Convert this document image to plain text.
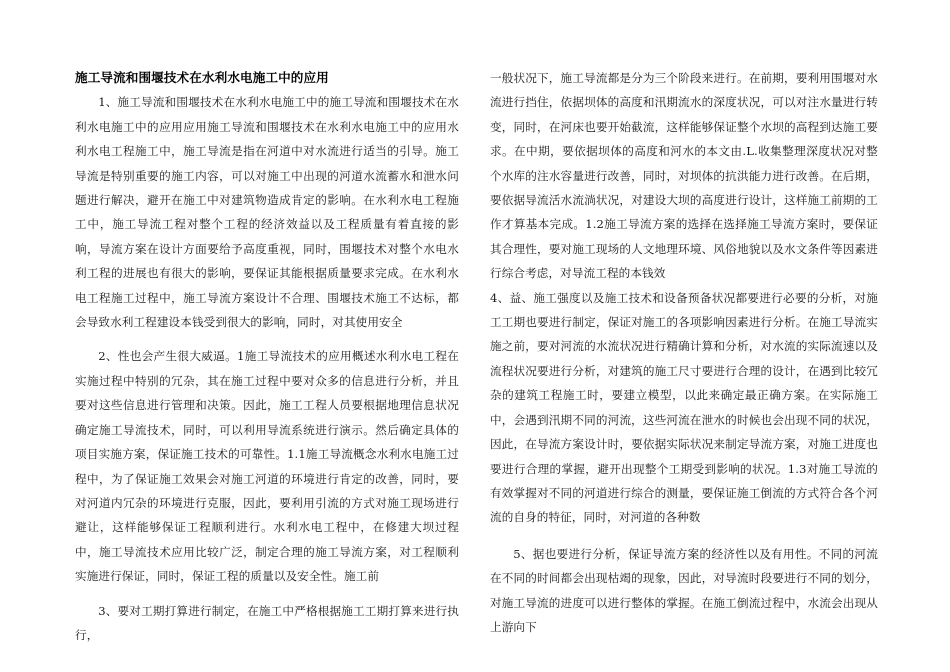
施工导流和围堰技术在水利水电施工中的应用

1、施工导流和围堰技术在水利水电施工中的施工导流和围堰技术在水利水电施工中的应用应用施工导流和围堰技术在水利水电施工中的应用水利水电工程施工中，施工导流是指在河道中对水流进行适当的引导。施工导流是特别重要的施工内容，可以对施工中出现的河道水流蓄水和泄水问题进行解决，避开在施工中对建筑物造成肯定的影响。在水利水电工程施工中，施工导流工程对整个工程的经济效益以及工程质量有着直接的影响，导流方案在设计方面要给予高度重视，同时，围堰技术对整个水电水利工程的进展也有很大的影响，要保证其能根据质量要求完成。在水利水电工程施工过程中，施工导流方案设计不合理、围堰技术施工不达标，都会导致水利工程建设本钱受到很大的影响，同时，对其使用安全

2、性也会产生很大威逼。1施工导流技术的应用概述水利水电工程在实施过程中特别的冗杂，其在施工过程中要对众多的信息进行分析，并且要对这些信息进行管理和决策。因此，施工工程人员要根据地理信息状况确定施工导流技术，同时，可以利用导流系统进行演示。然后确定具体的项目实施方案，保证施工技术的可靠性。1.1施工导流概念水利水电施工过程中，为了保证施工效果会对施工河道的环境进行肯定的改善，同时，要对河道内冗杂的环境进行克服，因此，要利用引流的方式对施工现场进行避让，这样能够保证工程顺利进行。水利水电工程中，在修建大坝过程中，施工导流技术应用比较广泛，制定合理的施工导流方案，对工程顺利实施进行保证，同时，保证工程的质量以及安全性。施工前

3、要对工期打算进行制定，在施工中严格根据施工工期打算来进行执行，

一般状况下，施工导流都是分为三个阶段来进行。在前期，要利用围堰对水流进行挡住，依据坝体的高度和汛期流水的深度状况，可以对注水量进行转变，同时，在河床也要开始截流，这样能够保证整个水坝的高程到达施工要求。在中期，要依据坝体的高度和河水的本文由.L.收集整理深度状况对整个水库的注水容量进行改善，同时，对坝体的抗洪能力进行改善。在后期，要依据导流活水流淌状况，对建设大坝的高度进行设计，这样施工前期的工作才算基本完成。1.2施工导流方案的选择在选择施工导流方案时，要保证其合理性，要对施工现场的人文地理环境、风俗地貌以及水文条件等因素进行综合考虑，对导流工程的本钱效

4、益、施工强度以及施工技术和设备预备状况都要进行必要的分析，对施工工期也要进行制定，保证对施工的各项影响因素进行分析。在施工导流实施之前，要对河流的水流状况进行精确计算和分析，对水流的实际流速以及流程状况要进行分析，对建筑的施工尺寸要进行合理的设计，在遇到比较冗杂的建筑工程施工时，要建立模型，以此来确定最正确方案。在实际施工中，会遇到汛期不同的河流，这些河流在泄水的时候也会出现不同的状况，因此，在导流方案设计时，要依据实际状况来制定导流方案，对施工进度也要进行合理的掌握，避开出现整个工期受到影响的状况。1.3对施工导流的有效掌握对不同的河道进行综合的测量，要保证施工倒流的方式符合各个河流的自身的特征，同时，对河道的各种数

5、据也要进行分析，保证导流方案的经济性以及有用性。不同的河流在不同的时间都会出现枯竭的现象，因此，对导流时段要进行不同的划分，对施工导流的进度可以进行整体的掌握。在施工倒流过程中，水流会出现从上游向下
